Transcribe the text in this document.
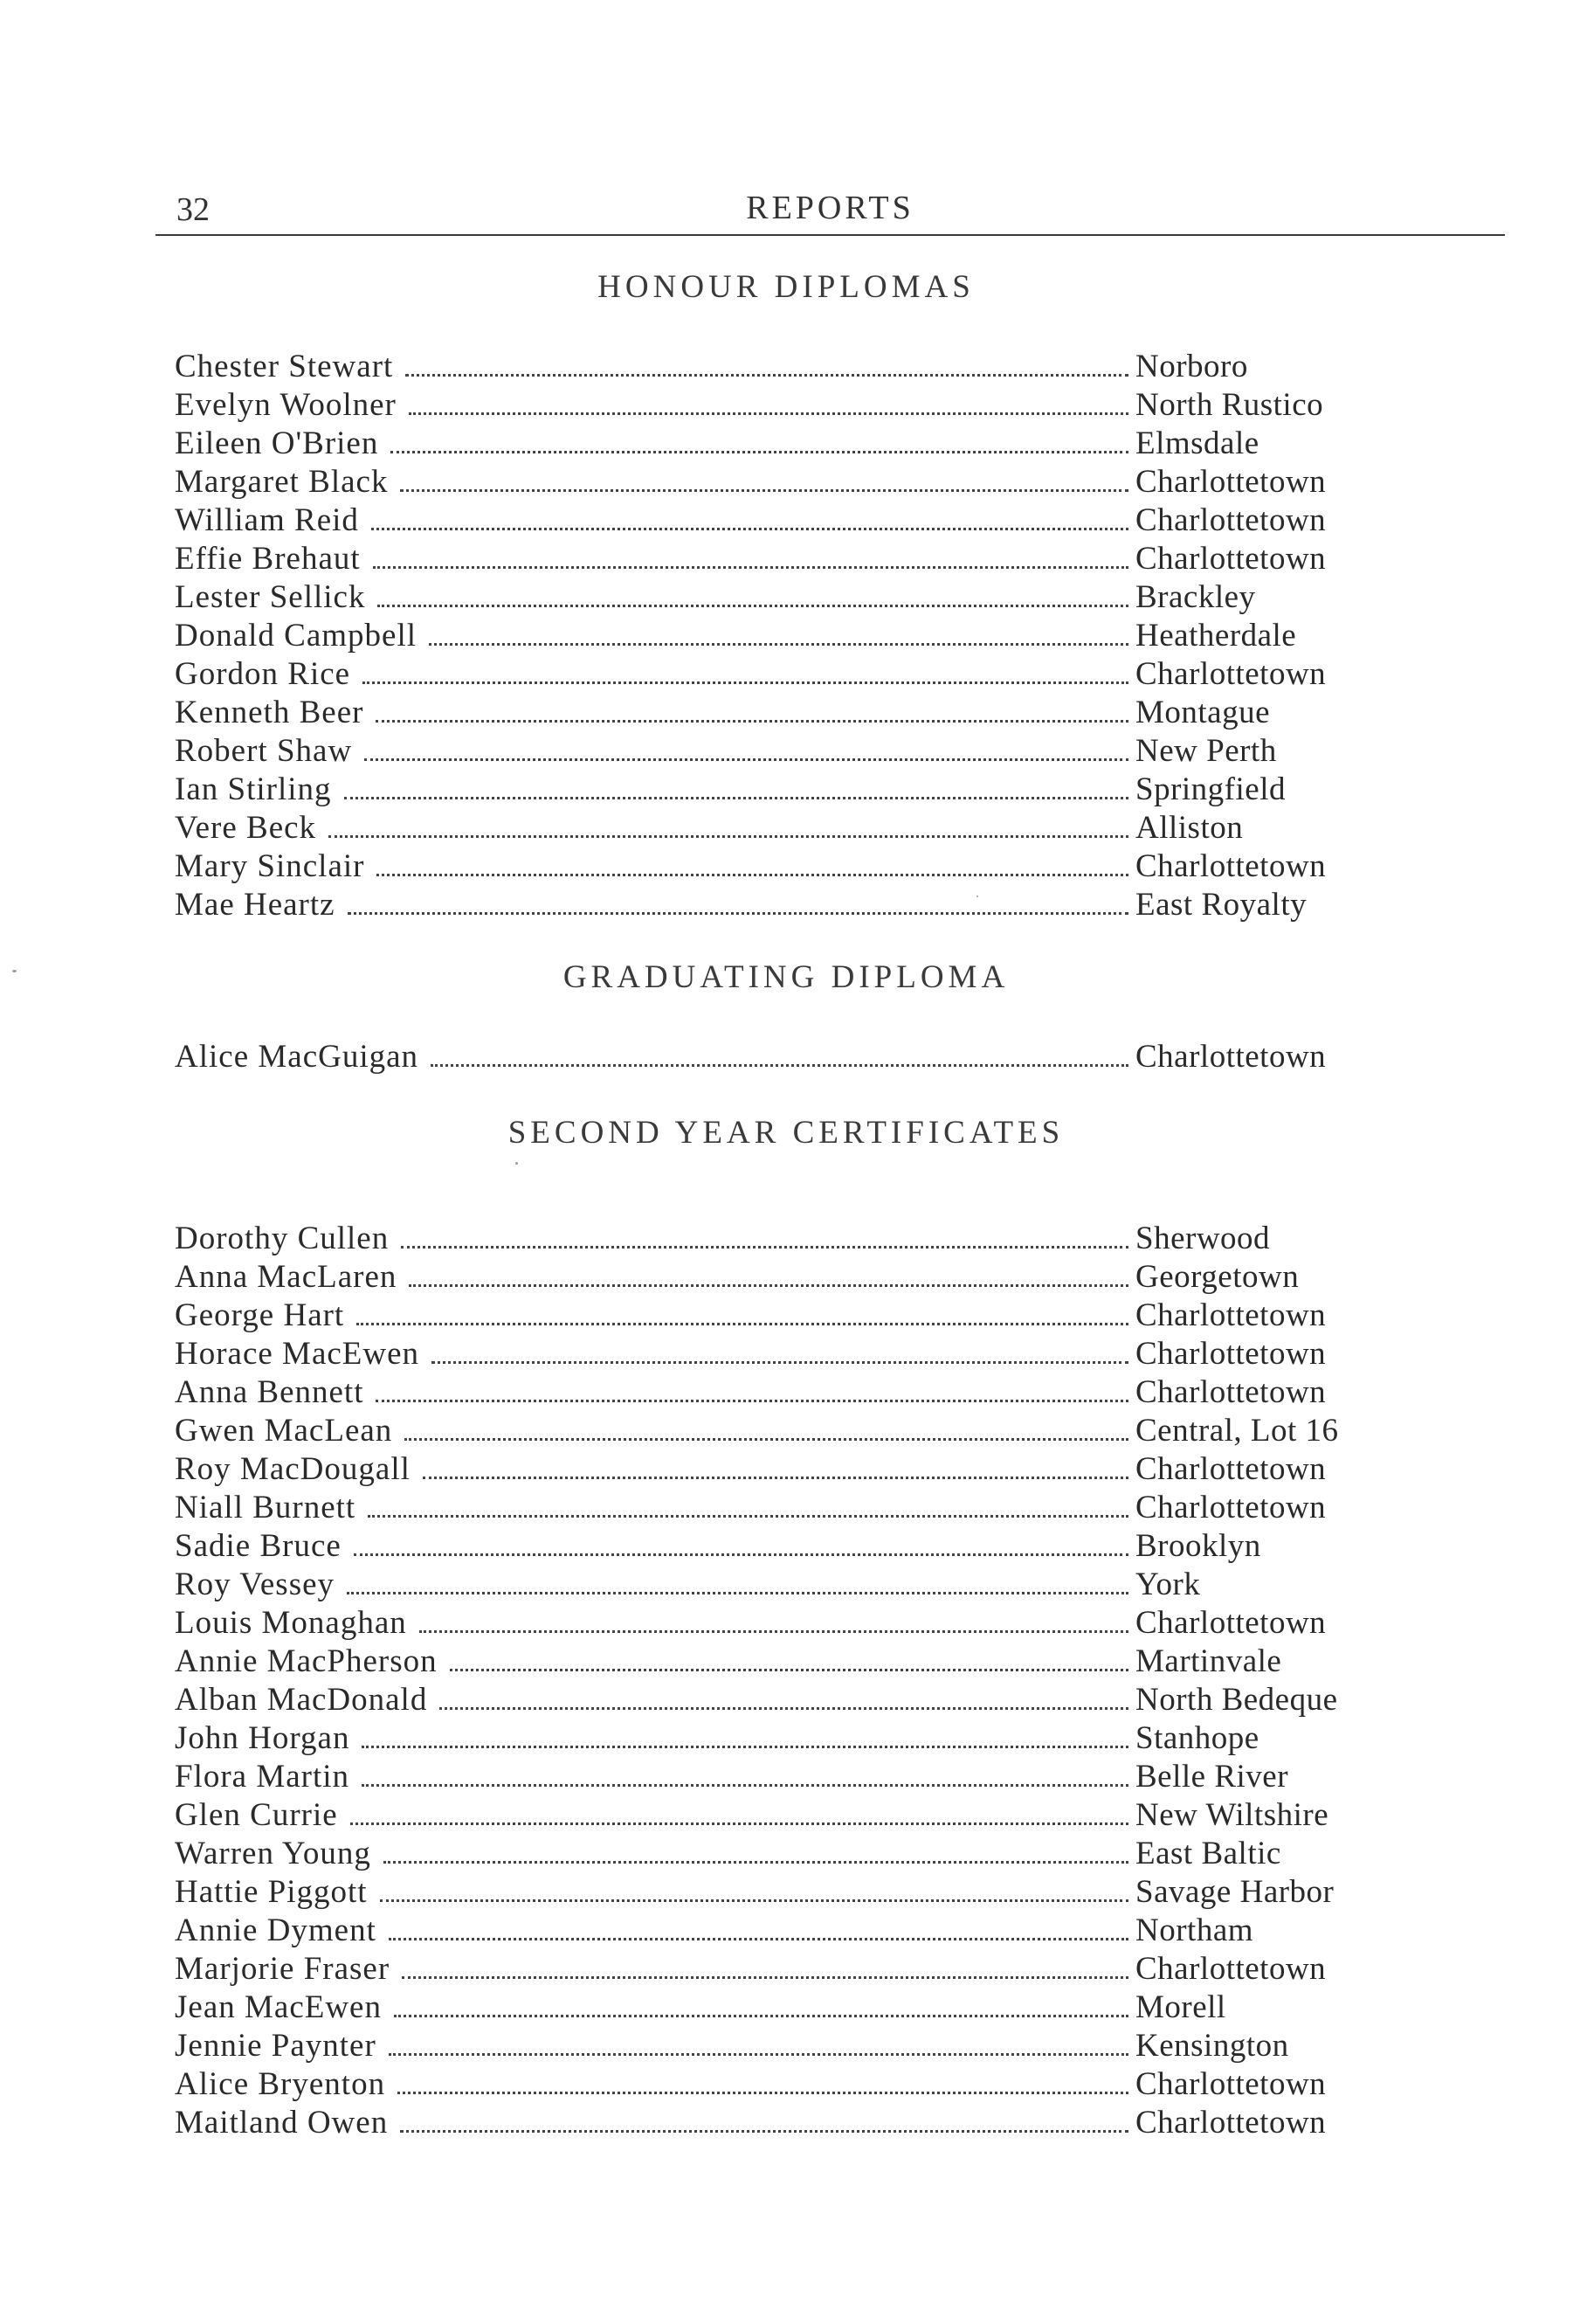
32	REPORTS
HONOUR DIPLOMAS
Chester Stewart	Norboro
Evelyn Woolner	North Rustico
Eileen O'Brien	Elmsdale
Margaret Black	Charlottetown
William Reid	Charlottetown
Effie Brehaut	Charlottetown
Lester Sellick	Brackley
Donald Campbell	Heatherdale
Gordon Rice	Charlottetown
Kenneth Beer	Montague
Robert Shaw	New Perth
Ian Stirling	Springfield
Vere Beck	Alliston
Mary Sinclair	Charlottetown
Mae Heartz	East Royalty
GRADUATING DIPLOMA
Alice MacGuigan	Charlottetown
SECOND YEAR CERTIFICATES
Dorothy Cullen	Sherwood
Anna MacLaren	Georgetown
George Hart	Charlottetown
Horace MacEwen	Charlottetown
Anna Bennett	Charlottetown
Gwen MacLean	Central, Lot 16
Roy MacDougall	Charlottetown
Niall Burnett	Charlottetown
Sadie Bruce	Brooklyn
Roy Vessey	York
Louis Monaghan	Charlottetown
Annie MacPherson	Martinvale
Alban MacDonald	North Bedeque
John Horgan	Stanhope
Flora Martin	Belle River
Glen Currie	New Wiltshire
Warren Young	East Baltic
Hattie Piggott	Savage Harbor
Annie Dyment	Northam
Marjorie Fraser	Charlottetown
Jean MacEwen	Morell
Jennie Paynter	Kensington
Alice Bryenton	Charlottetown
Maitland Owen	Charlottetown
